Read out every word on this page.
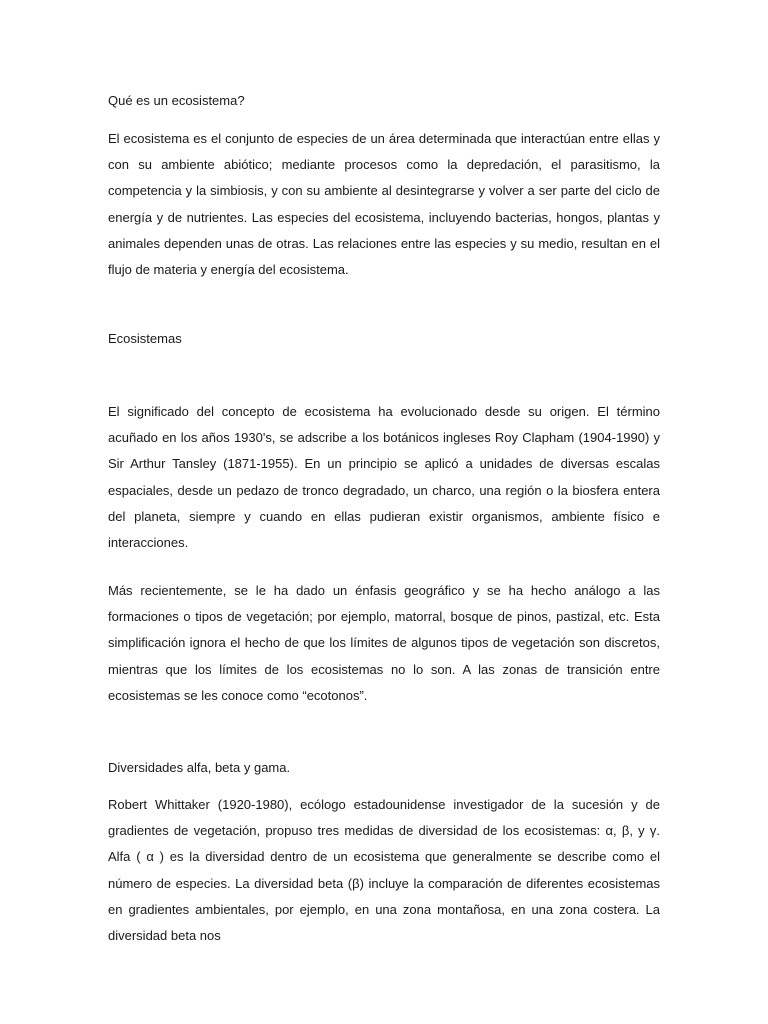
Qué es un ecosistema?

El ecosistema es el conjunto de especies de un área determinada que interactúan entre ellas y con su ambiente abiótico; mediante procesos como la depredación, el parasitismo, la competencia y la simbiosis, y con su ambiente al desintegrarse y volver a ser parte del ciclo de energía y de nutrientes. Las especies del ecosistema, incluyendo bacterias, hongos, plantas y animales dependen unas de otras. Las relaciones entre las especies y su medio, resultan en el flujo de materia y energía del ecosistema.

Ecosistemas

El significado del concepto de ecosistema ha evolucionado desde su origen. El término acuñado en los años 1930's, se adscribe a los botánicos ingleses Roy Clapham (1904-1990) y Sir Arthur Tansley (1871-1955). En un principio se aplicó a unidades de diversas escalas espaciales, desde un pedazo de tronco degradado, un charco, una región o la biosfera entera del planeta, siempre y cuando en ellas pudieran existir organismos, ambiente físico e interacciones.

Más recientemente, se le ha dado un énfasis geográfico y se ha hecho análogo a las formaciones o tipos de vegetación; por ejemplo, matorral, bosque de pinos, pastizal, etc. Esta simplificación ignora el hecho de que los límites de algunos tipos de vegetación son discretos, mientras que los límites de los ecosistemas no lo son. A las zonas de transición entre ecosistemas se les conoce como “ecotonos”.

Diversidades alfa, beta y gama.

Robert Whittaker (1920-1980), ecólogo estadounidense investigador de la sucesión y de gradientes de vegetación, propuso tres medidas de diversidad de los ecosistemas: α, β, y γ. Alfa ( α ) es la diversidad dentro de un ecosistema que generalmente se describe como el número de especies. La diversidad beta (β) incluye la comparación de diferentes ecosistemas en gradientes ambientales, por ejemplo, en una zona montañosa, en una zona costera. La diversidad beta nos
